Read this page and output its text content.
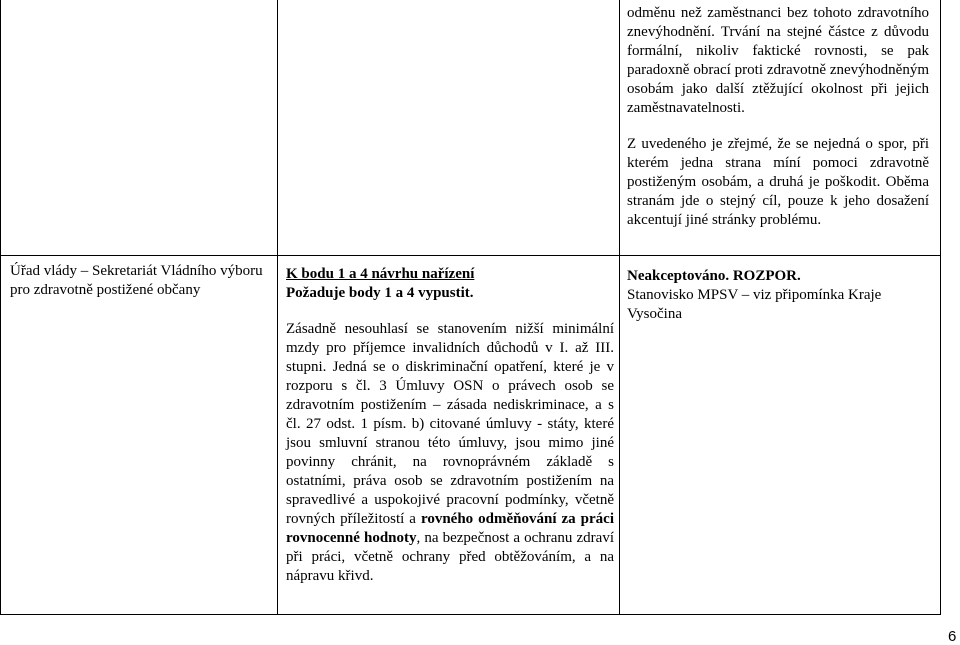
Úřad vlády – Sekretariát Vládního výboru pro zdravotně postižené občany

K bodu 1 a 4 návrhu nařízení

Požaduje body 1 a 4 vypustit.

Zásadně nesouhlasí se stanovením nižší minimální mzdy pro příjemce invalidních důchodů v I. až III. stupni. Jedná se o diskriminační opatření, které je v rozporu s čl. 3 Úmluvy OSN o právech osob se zdravotním postižením – zásada nediskriminace, a s čl. 27 odst. 1 písm. b) citované úmluvy - státy, které jsou smluvní stranou této úmluvy, jsou mimo jiné povinny chránit, na rovnoprávném základě s ostatními, práva osob se zdravotním postižením na spravedlivé a uspokojivé pracovní podmínky, včetně rovných příležitostí a rovného odměňování za práci rovnocenné hodnoty, na bezpečnost a ochranu zdraví při práci, včetně ochrany před obtěžováním, a na nápravu křivd.

odměnu než zaměstnanci bez tohoto zdravotního znevýhodnění. Trvání na stejné částce z důvodu formální, nikoliv faktické rovnosti, se pak paradoxně obrací proti zdravotně znevýhodněným osobám jako další ztěžující okolnost při jejich zaměstnavatelnosti.

Z uvedeného je zřejmé, že se nejedná o spor, při kterém jedna strana míní pomoci zdravotně postiženým osobám, a druhá je poškodit. Oběma stranám jde o stejný cíl, pouze k jeho dosažení akcentují jiné stránky problému.

Neakceptováno. ROZPOR.

Stanovisko MPSV – viz připomínka Kraje Vysočina

6
